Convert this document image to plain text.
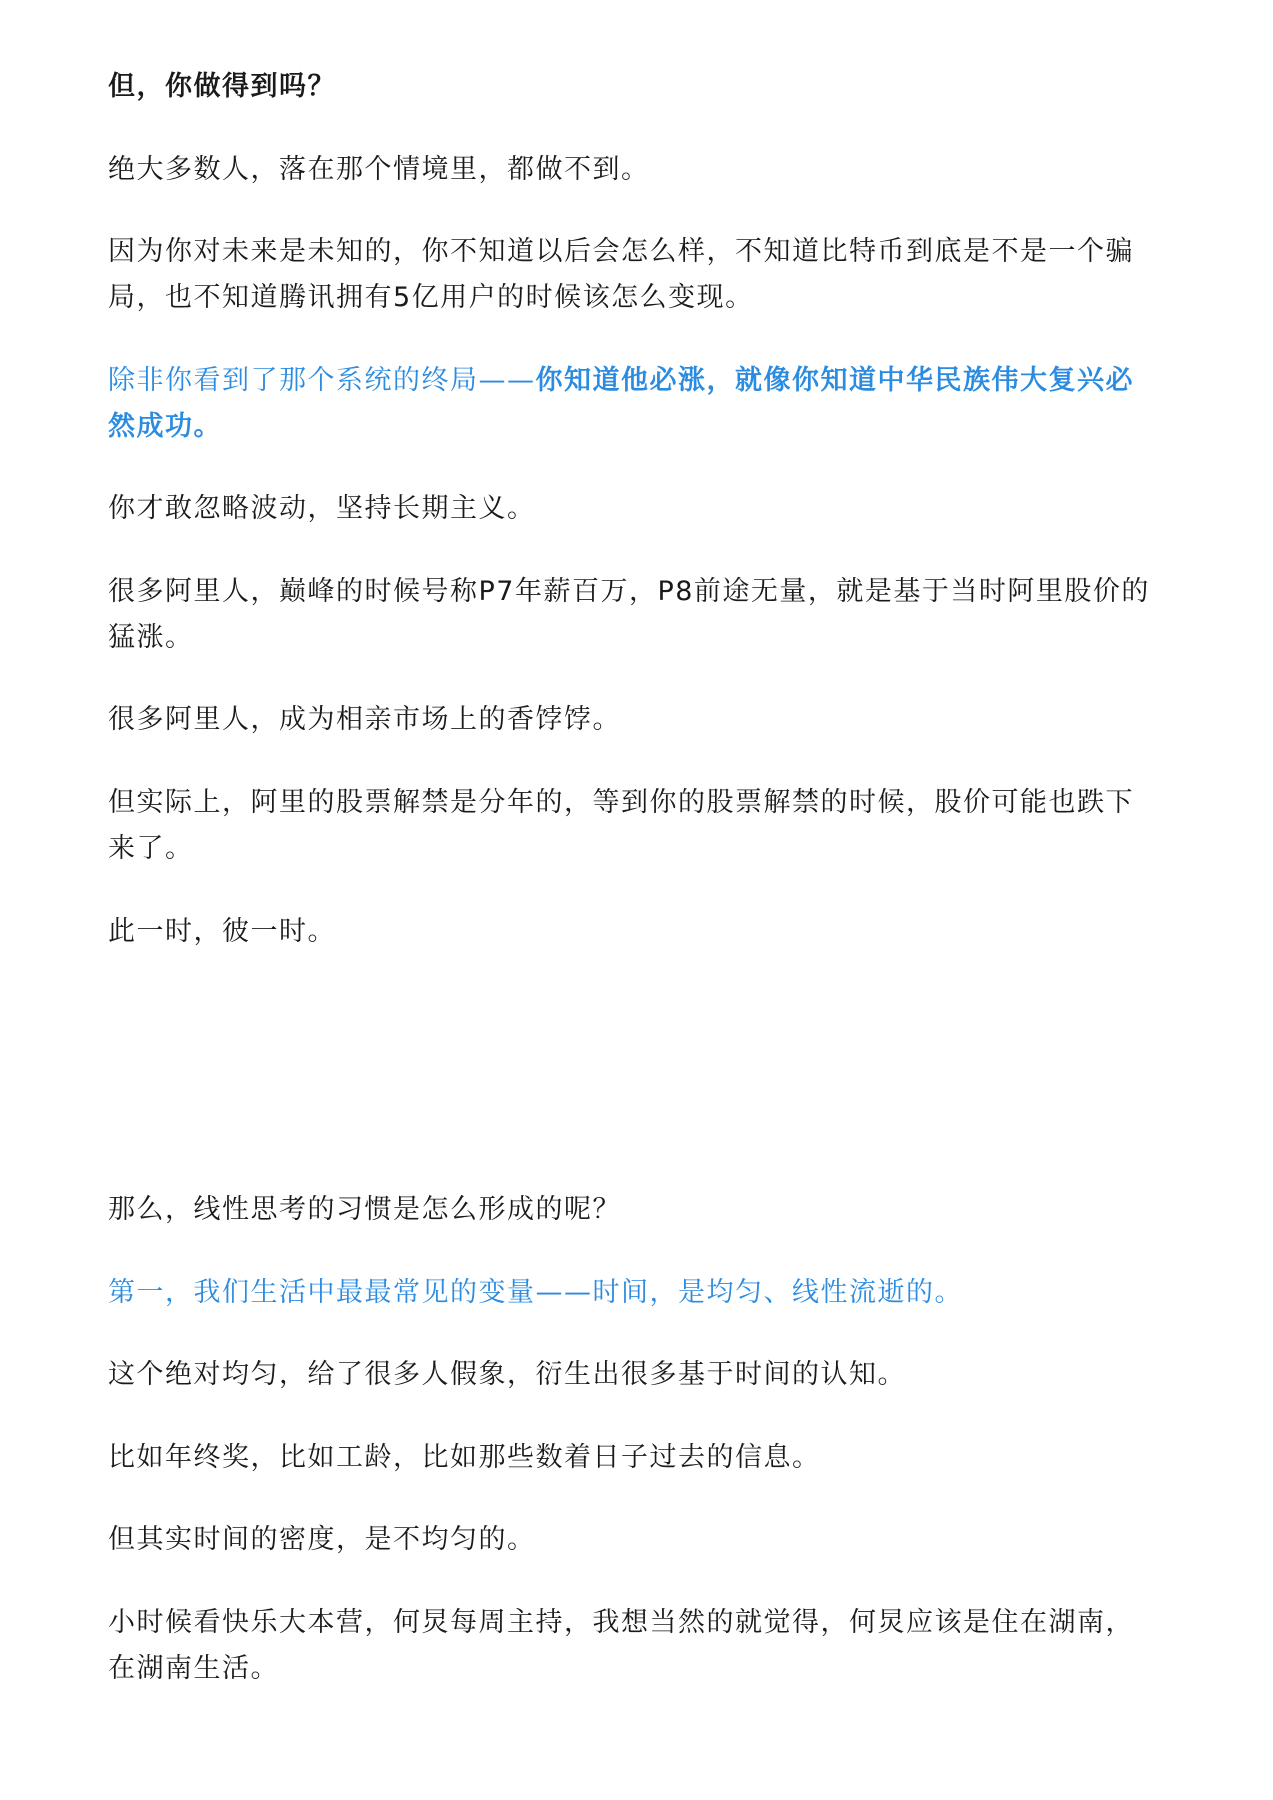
但，你做得到吗？

绝大多数人，落在那个情境里，都做不到。

因为你对未来是未知的，你不知道以后会怎么样，不知道比特币到底是不是一个骗
局，也不知道腾讯拥有5亿用户的时候该怎么变现。

除非你看到了那个系统的终局——你知道他必涨，就像你知道中华民族伟大复兴必
然成功。

你才敢忽略波动，坚持长期主义。

很多阿里人，巅峰的时候号称P7年薪百万，P8前途无量，就是基于当时阿里股价的
猛涨。

很多阿里人，成为相亲市场上的香饽饽。

但实际上，阿里的股票解禁是分年的，等到你的股票解禁的时候，股价可能也跌下
来了。

此一时，彼一时。

那么，线性思考的习惯是怎么形成的呢？

第一，我们生活中最最常见的变量——时间，是均匀、线性流逝的。

这个绝对均匀，给了很多人假象，衍生出很多基于时间的认知。

比如年终奖，比如工龄，比如那些数着日子过去的信息。

但其实时间的密度，是不均匀的。

小时候看快乐大本营，何炅每周主持，我想当然的就觉得，何炅应该是住在湖南，
在湖南生活。
